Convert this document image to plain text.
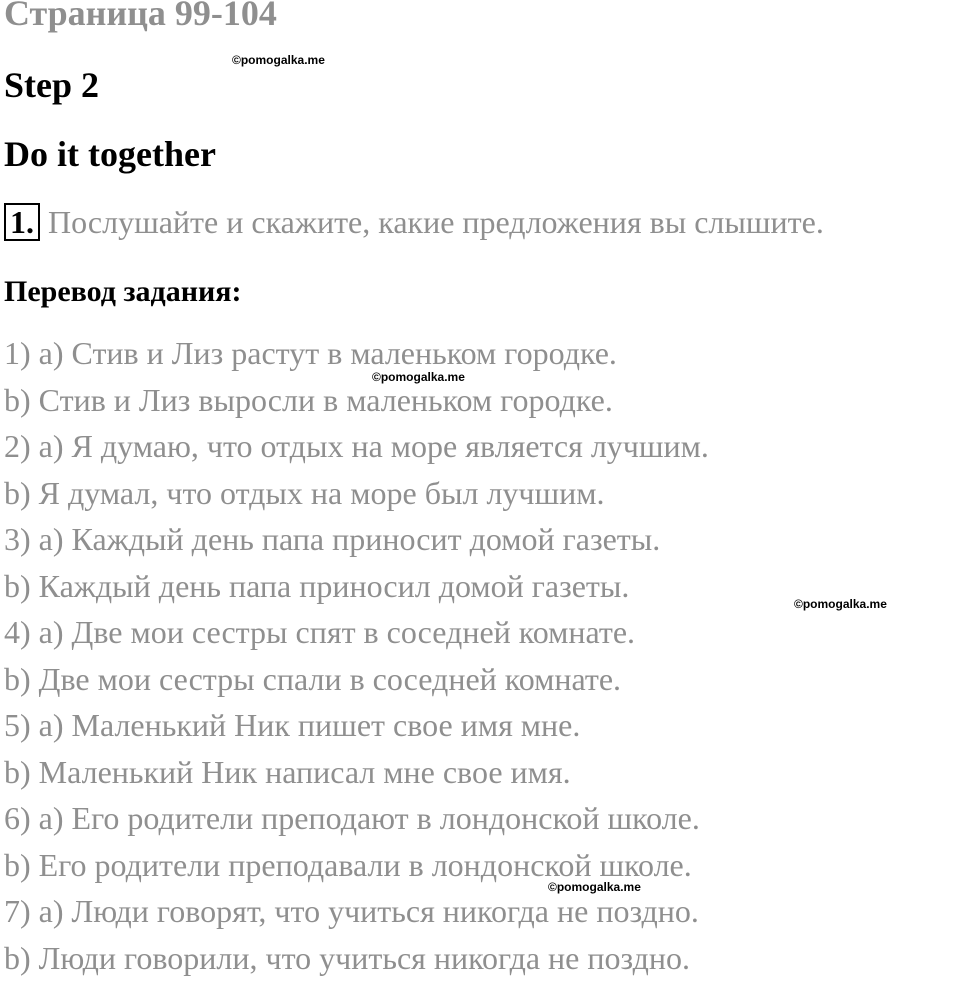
Страница 99-104
©pomogalka.me
Step 2
Do it together
1. Послушайте и скажите, какие предложения вы слышите.
Перевод задания:
1) a) Стив и Лиз растут в маленьком городке.
b) Стив и Лиз выросли в маленьком городке.
2) a) Я думаю, что отдых на море является лучшим.
b) Я думал, что отдых на море был лучшим.
3) a) Каждый день папа приносит домой газеты.
b) Каждый день папа приносил домой газеты.
4) a) Две мои сестры спят в соседней комнате.
b) Две мои сестры спали в соседней комнате.
5) a) Маленький Ник пишет свое имя мне.
b) Маленький Ник написал мне свое имя.
6) a) Его родители преподают в лондонской школе.
b) Его родители преподавали в лондонской школе.
7) a) Люди говорят, что учиться никогда не поздно.
b) Люди говорили, что учиться никогда не поздно.
©pomogalka.me
©pomogalka.me
©pomogalka.me
